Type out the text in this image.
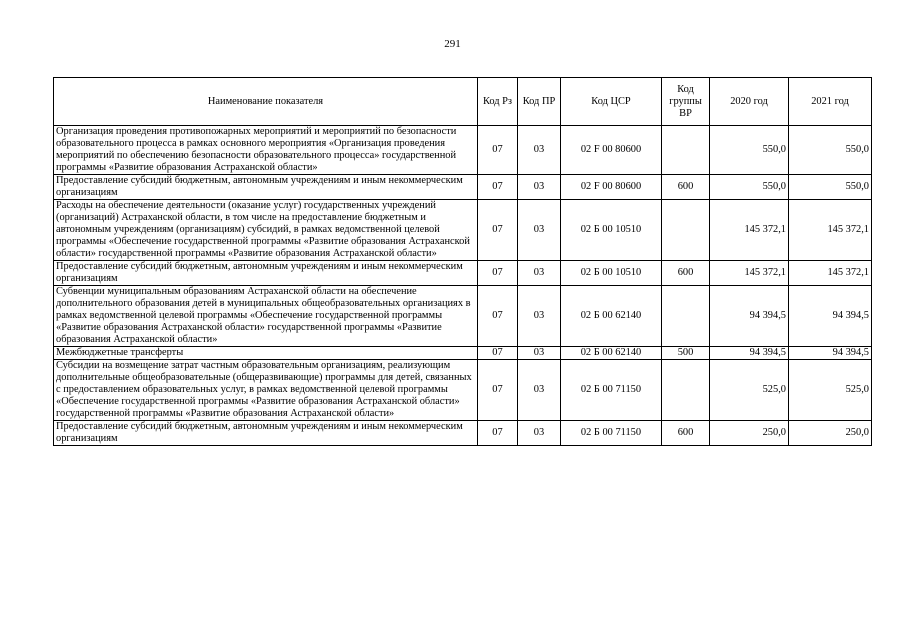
291
Наименование показателя	Код Рз	Код ПР	Код ЦСР	Код группы ВР	2020 год	2021 год
Организация проведения противопожарных мероприятий и мероприятий по безопасности образовательного процесса в рамках основного мероприятия «Организация проведения мероприятий по обеспечению безопасности образовательного процесса» государственной программы «Развитие образования Астраханской области»	07	03	02 F 00 80600		550,0	550,0
Предоставление субсидий бюджетным, автономным учреждениям и иным некоммерческим организациям	07	03	02 F 00 80600	600	550,0	550,0
Расходы на обеспечение деятельности (оказание услуг) государственных учреждений (организаций) Астраханской области, в том числе на предоставление бюджетным и автономным учреждениям (организациям) субсидий, в рамках ведомственной целевой программы «Обеспечение государственной программы «Развитие образования Астраханской области» государственной программы «Развитие образования Астраханской области»	07	03	02 Б 00 10510		145 372,1	145 372,1
Предоставление субсидий бюджетным, автономным учреждениям и иным некоммерческим организациям	07	03	02 Б 00 10510	600	145 372,1	145 372,1
Субвенции муниципальным образованиям Астраханской области на обеспечение дополнительного образования детей в муниципальных общеобразовательных организациях в рамках ведомственной целевой программы «Обеспечение государственной программы «Развитие образования Астраханской области» государственной программы «Развитие образования Астраханской области»	07	03	02 Б 00 62140		94 394,5	94 394,5
Межбюджетные трансферты	07	03	02 Б 00 62140	500	94 394,5	94 394,5
Субсидии на возмещение затрат частным образовательным организациям, реализующим дополнительные общеобразовательные (общеразвивающие) программы для детей, связанных с предоставлением образовательных услуг, в рамках ведомственной целевой программы «Обеспечение государственной программы «Развитие образования Астраханской области» государственной программы «Развитие образования Астраханской области»	07	03	02 Б 00 71150		525,0	525,0
Предоставление субсидий бюджетным, автономным учреждениям и иным некоммерческим организациям	07	03	02 Б 00 71150	600	250,0	250,0
